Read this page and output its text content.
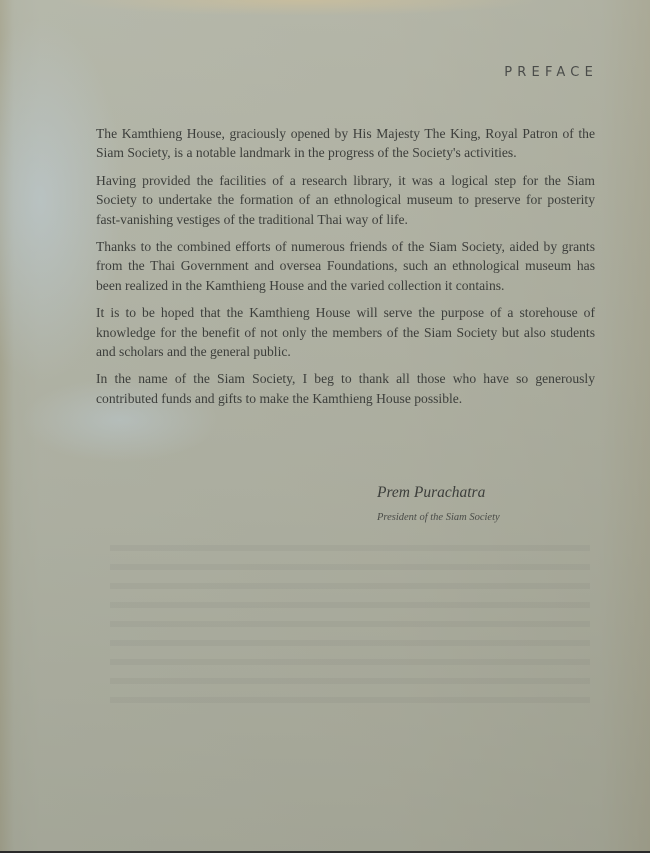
PREFACE

The Kamthieng House, graciously opened by His Majesty The King, Royal Patron of the Siam Society, is a notable landmark in the progress of the Society's activities.

Having provided the facilities of a research library, it was a logical step for the Siam Society to undertake the formation of an ethnological museum to preserve for posterity fast-vanishing vestiges of the traditional Thai way of life.

Thanks to the combined efforts of numerous friends of the Siam Society, aided by grants from the Thai Government and oversea Foundations, such an ethnological museum has been realized in the Kamthieng House and the varied collection it contains.

It is to be hoped that the Kamthieng House will serve the purpose of a storehouse of knowledge for the benefit of not only the members of the Siam Society but also students and scholars and the general public.

In the name of the Siam Society, I beg to thank all those who have so generously contributed funds and gifts to make the Kamthieng House possible.

Prem Purachatra
President of the Siam Society
